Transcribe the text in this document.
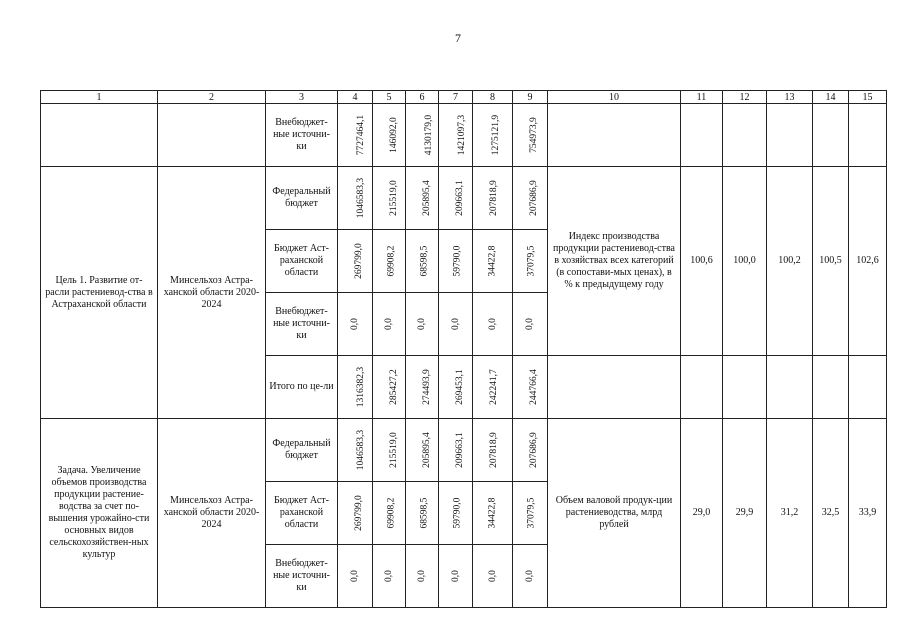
7
1	2	3	4	5	6	7	8	9	10	11	12	13	14	15
		Внебюджет-ные источни-ки	7727464,1	146092,0	4130179,0	1421097,3	1275121,9	754973,9						
Цель 1. Развитие от-расли растениевод-ства в Астраханской области	Минсельхоз Астра-ханской области 2020-2024	Федеральный бюджет	1046583,3	215519,0	205895,4	209663,1	207818,9	207686,9	Индекс производства продукции растениевод-ства в хозяйствах всех категорий (в сопостави-мых ценах), в % к предыдущему году	100,6	100,0	100,2	100,5	102,6
		Бюджет Аст-раханской области	269799,0	69908,2	68598,5	59790,0	34422,8	37079,5						
		Внебюджет-ные источни-ки	0,0	0,0	0,0	0,0	0,0	0,0						
		Итого по це-ли	1316382,3	285427,2	274493,9	269453,1	242241,7	244766,4						
Задача. Увеличение объемов производства продукции растение-водства за счет по-вышения урожайно-сти основных видов сельскохозяйствен-ных культур	Минсельхоз Астра-ханской области 2020-2024	Федеральный бюджет	1046583,3	215519,0	205895,4	209663,1	207818,9	207686,9	Объем валовой продук-ции растениеводства, млрд рублей	29,0	29,9	31,2	32,5	33,9
		Бюджет Аст-раханской области	269799,0	69908,2	68598,5	59790,0	34422,8	37079,5						
		Внебюджет-ные источни-ки	0,0	0,0	0,0	0,0	0,0	0,0						
